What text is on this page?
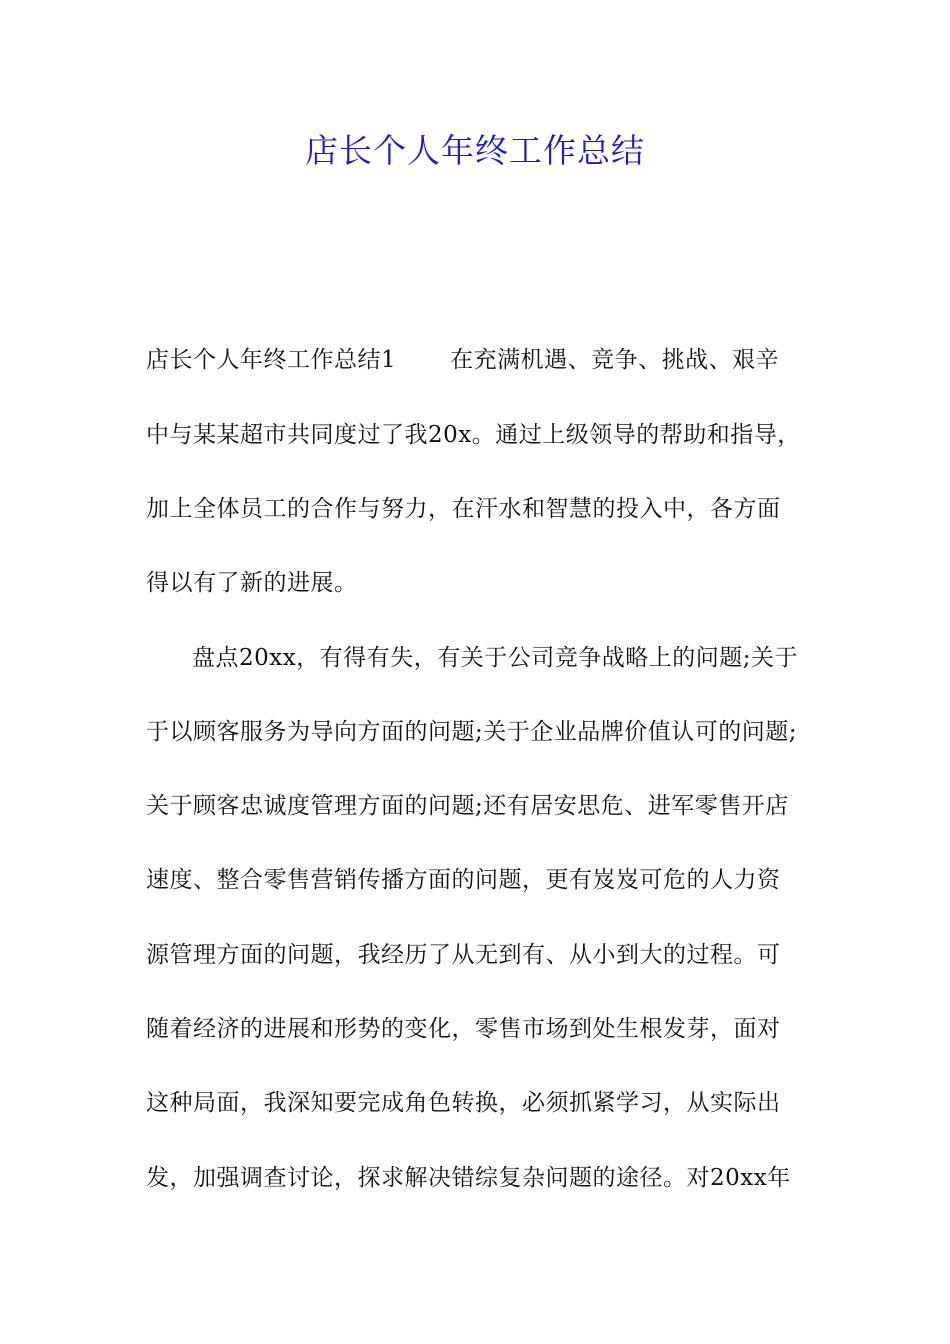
店长个人年终工作总结
店长个人年终工作总结1 在充满机遇、竞争、挑战、艰辛
中与某某超市共同度过了我20x。通过上级领导的帮助和指导，
加上全体员工的合作与努力，在汗水和智慧的投入中，各方面
得以有了新的进展。
盘点20xx，有得有失，有关于公司竞争战略上的问题;关于
于以顾客服务为导向方面的问题;关于企业品牌价值认可的问题;
关于顾客忠诚度管理方面的问题;还有居安思危、进军零售开店
速度、整合零售营销传播方面的问题，更有岌岌可危的人力资
源管理方面的问题，我经历了从无到有、从小到大的过程。可
随着经济的进展和形势的变化，零售市场到处生根发芽，面对
这种局面，我深知要完成角色转换，必须抓紧学习，从实际出
发，加强调查讨论，探求解决错综复杂问题的途径。对20xx年
